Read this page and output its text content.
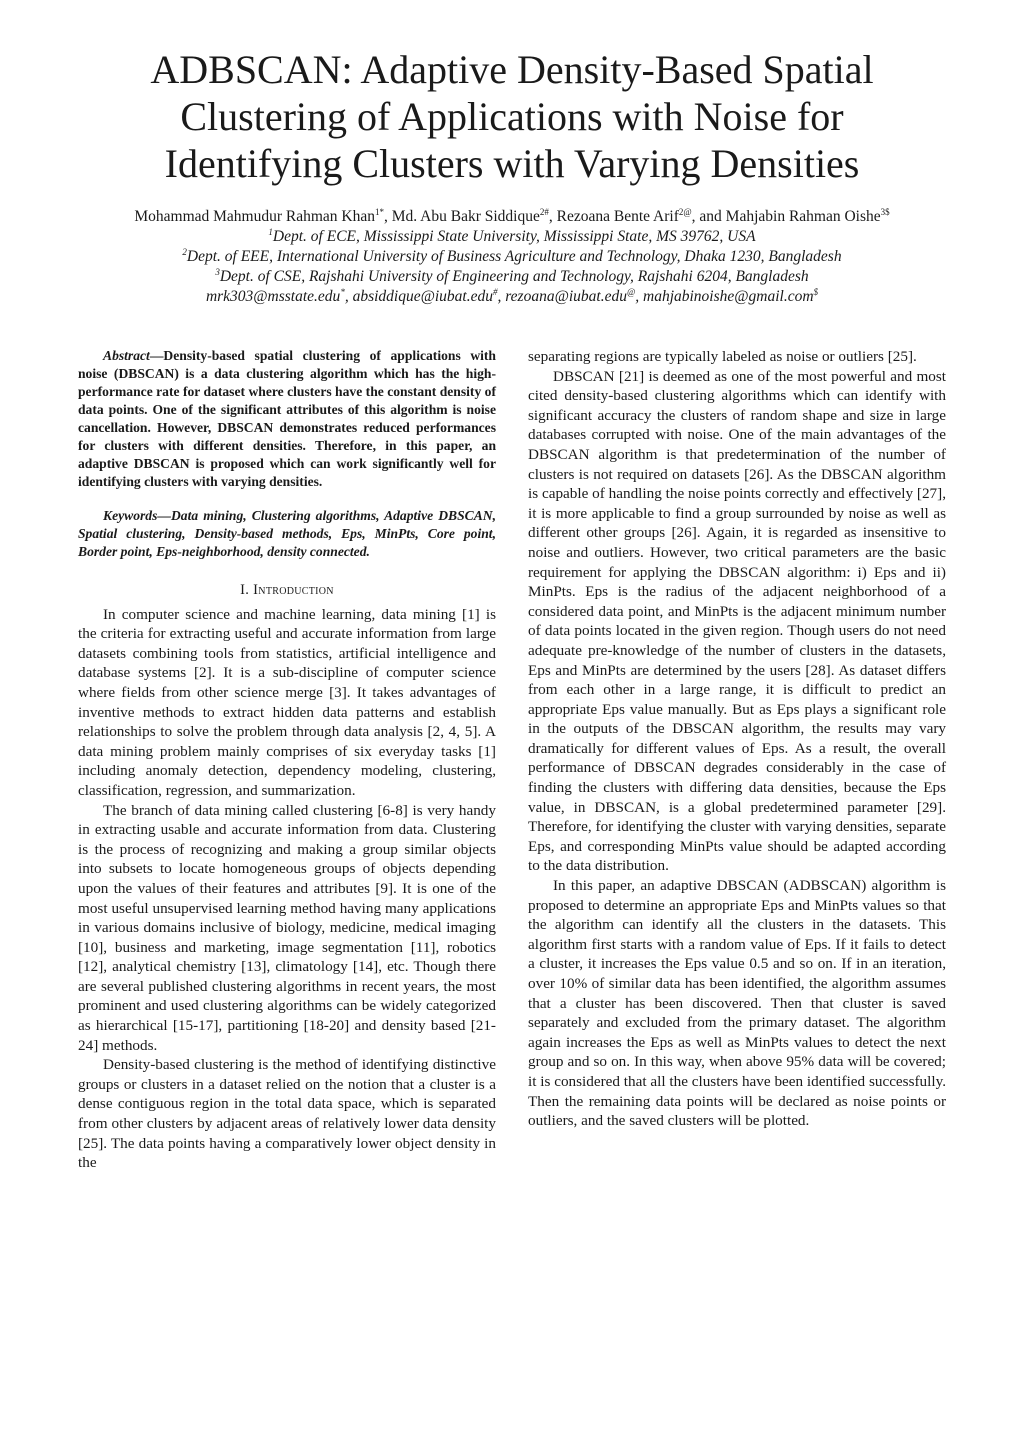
ADBSCAN: Adaptive Density-Based Spatial
Clustering of Applications with Noise for
Identifying Clusters with Varying Densities
Mohammad Mahmudur Rahman Khan$^{1*}$, Md. Abu Bakr Siddique$^{2\#}$, Rezoana Bente Arif$^{2@}$, and Mahjabin Rahman Oishe$^{3\$}$
$^1$Dept. of ECE, Mississippi State University, Mississippi State, MS 39762, USA
$^2$Dept. of EEE, International University of Business Agriculture and Technology, Dhaka 1230, Bangladesh
$^3$Dept. of CSE, Rajshahi University of Engineering and Technology, Rajshahi 6204, Bangladesh
mrk303@msstate.edu*, absiddique@iubat.edu#, rezoana@iubat.edu@, mahjabinoishe@gmail.com$

Abstract—Density-based spatial clustering of applications with noise (DBSCAN) is a data clustering algorithm which has the high-performance rate for dataset where clusters have the constant density of data points. One of the significant attributes of this algorithm is noise cancellation. However, DBSCAN demonstrates reduced performances for clusters with different densities. Therefore, in this paper, an adaptive DBSCAN is proposed which can work significantly well for identifying clusters with varying densities.

Keywords—Data mining, Clustering algorithms, Adaptive DBSCAN, Spatial clustering, Density-based methods, Eps, MinPts, Core point, Border point, Eps-neighborhood, density connected.

I. Introduction

In computer science and machine learning, data mining [1] is the criteria for extracting useful and accurate information from large datasets combining tools from statistics, artificial intelligence and database systems [2]. It is a sub-discipline of computer science where fields from other science merge [3]. It takes advantages of inventive methods to extract hidden data patterns and establish relationships to solve the problem through data analysis [2, 4, 5]. A data mining problem mainly comprises of six everyday tasks [1] including anomaly detection, dependency modeling, clustering, classification, regression, and summarization.

The branch of data mining called clustering [6-8] is very handy in extracting usable and accurate information from data. Clustering is the process of recognizing and making a group similar objects into subsets to locate homogeneous groups of objects depending upon the values of their features and attributes [9]. It is one of the most useful unsupervised learning method having many applications in various domains inclusive of biology, medicine, medical imaging [10], business and marketing, image segmentation [11], robotics [12], analytical chemistry [13], climatology [14], etc. Though there are several published clustering algorithms in recent years, the most prominent and used clustering algorithms can be widely categorized as hierarchical [15-17], partitioning [18-20] and density based [21-24] methods.

Density-based clustering is the method of identifying distinctive groups or clusters in a dataset relied on the notion that a cluster is a dense contiguous region in the total data space, which is separated from other clusters by adjacent areas of relatively lower data density [25]. The data points having a comparatively lower object density in the

separating regions are typically labeled as noise or outliers [25].

DBSCAN [21] is deemed as one of the most powerful and most cited density-based clustering algorithms which can identify with significant accuracy the clusters of random shape and size in large databases corrupted with noise. One of the main advantages of the DBSCAN algorithm is that predetermination of the number of clusters is not required on datasets [26]. As the DBSCAN algorithm is capable of handling the noise points correctly and effectively [27], it is more applicable to find a group surrounded by noise as well as different other groups [26]. Again, it is regarded as insensitive to noise and outliers. However, two critical parameters are the basic requirement for applying the DBSCAN algorithm: i) Eps and ii) MinPts. Eps is the radius of the adjacent neighborhood of a considered data point, and MinPts is the adjacent minimum number of data points located in the given region. Though users do not need adequate pre-knowledge of the number of clusters in the datasets, Eps and MinPts are determined by the users [28]. As dataset differs from each other in a large range, it is difficult to predict an appropriate Eps value manually. But as Eps plays a significant role in the outputs of the DBSCAN algorithm, the results may vary dramatically for different values of Eps. As a result, the overall performance of DBSCAN degrades considerably in the case of finding the clusters with differing data densities, because the Eps value, in DBSCAN, is a global predetermined parameter [29]. Therefore, for identifying the cluster with varying densities, separate Eps, and corresponding MinPts value should be adapted according to the data distribution.

In this paper, an adaptive DBSCAN (ADBSCAN) algorithm is proposed to determine an appropriate Eps and MinPts values so that the algorithm can identify all the clusters in the datasets. This algorithm first starts with a random value of Eps. If it fails to detect a cluster, it increases the Eps value 0.5 and so on. If in an iteration, over 10% of similar data has been identified, the algorithm assumes that a cluster has been discovered. Then that cluster is saved separately and excluded from the primary dataset. The algorithm again increases the Eps as well as MinPts values to detect the next group and so on. In this way, when above 95% data will be covered; it is considered that all the clusters have been identified successfully. Then the remaining data points will be declared as noise points or outliers, and the saved clusters will be plotted.
